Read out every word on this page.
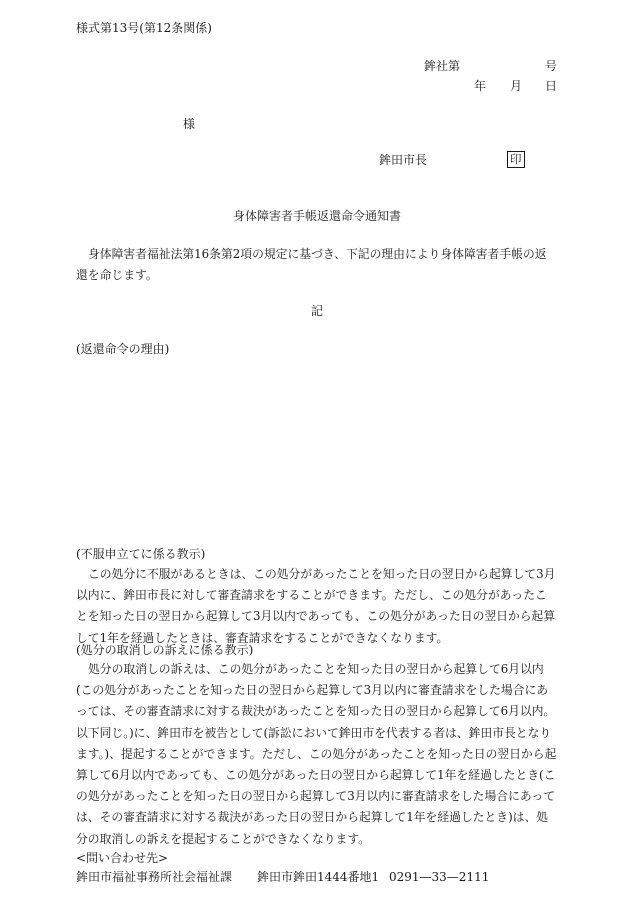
様式第13号(第12条関係)
鉾社第	号
年 月 日
様
鉾田市長	印
身体障害者手帳返還命令通知書

身体障害者福祉法第16条第2項の規定に基づき、下記の理由により身体障害者手帳の返還を命じます。

記
(返還命令の理由)
(不服申立てに係る教示)

この処分に不服があるときは、この処分があったことを知った日の翌日から起算して3月以内に、鉾田市長に対して審査請求をすることができます。ただし、この処分があったことを知った日の翌日から起算して3月以内であっても、この処分があった日の翌日から起算して1年を経過したときは、審査請求をすることができなくなります。

(処分の取消しの訴えに係る教示)

処分の取消しの訴えは、この処分があったことを知った日の翌日から起算して6月以内(この処分があったことを知った日の翌日から起算して3月以内に審査請求をした場合にあっては、その審査請求に対する裁決があったことを知った日の翌日から起算して6月以内。以下同じ。)に、鉾田市を被告として(訴訟において鉾田市を代表する者は、鉾田市長となります。)、提起することができます。ただし、この処分があったことを知った日の翌日から起算して6月以内であっても、この処分があった日の翌日から起算して1年を経過したとき(この処分があったことを知った日の翌日から起算して3月以内に審査請求をした場合にあっては、その審査請求に対する裁決があった日の翌日から起算して1年を経過したとき)は、処分の取消しの訴えを提起することができなくなります。

<問い合わせ先>
鉾田市福祉事務所社会福祉課 鉾田市鉾田1444番地1 0291—33—2111
